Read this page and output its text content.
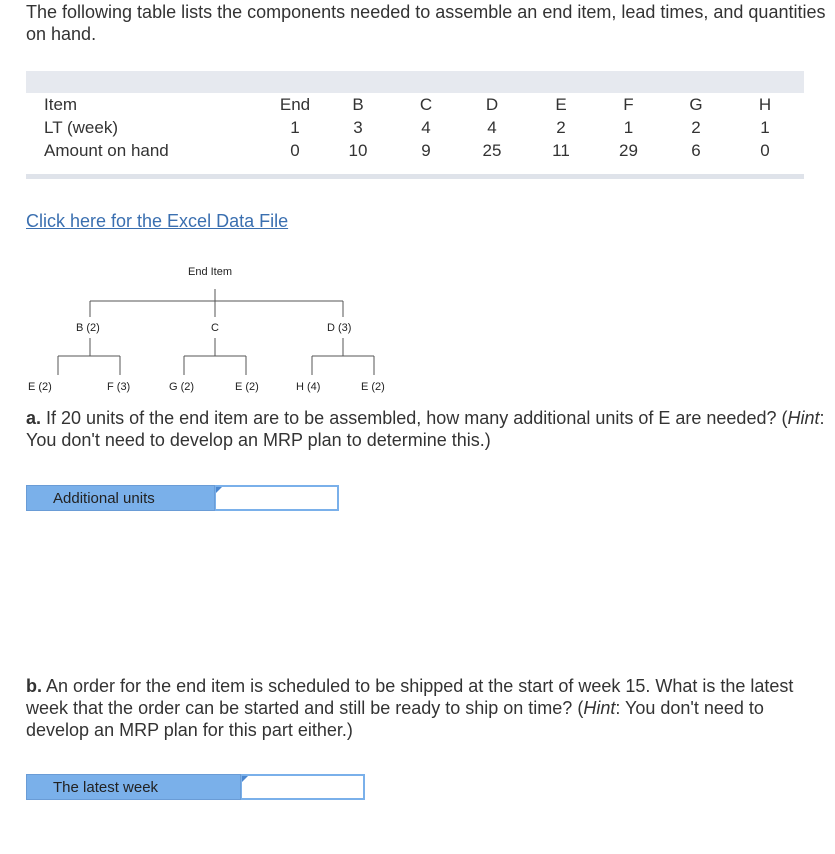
The following table lists the components needed to assemble an end item, lead times, and quantities on hand.

Item	End	B	C	D	E	F	G	H
LT (week)	1	3	4	4	2	1	2	1
Amount on hand	0	10	9	25	11	29	6	0
Click here for the Excel Data File
End Item
B (2)	C	D (3)
E (2)	F (3)	G (2)	E (2)	H (4)	E (2)

a. If 20 units of the end item are to be assembled, how many additional units of E are needed? (Hint: You don't need to develop an MRP plan to determine this.)

Additional units

b. An order for the end item is scheduled to be shipped at the start of week 15. What is the latest week that the order can be started and still be ready to ship on time? (Hint: You don't need to develop an MRP plan for this part either.)

The latest week
